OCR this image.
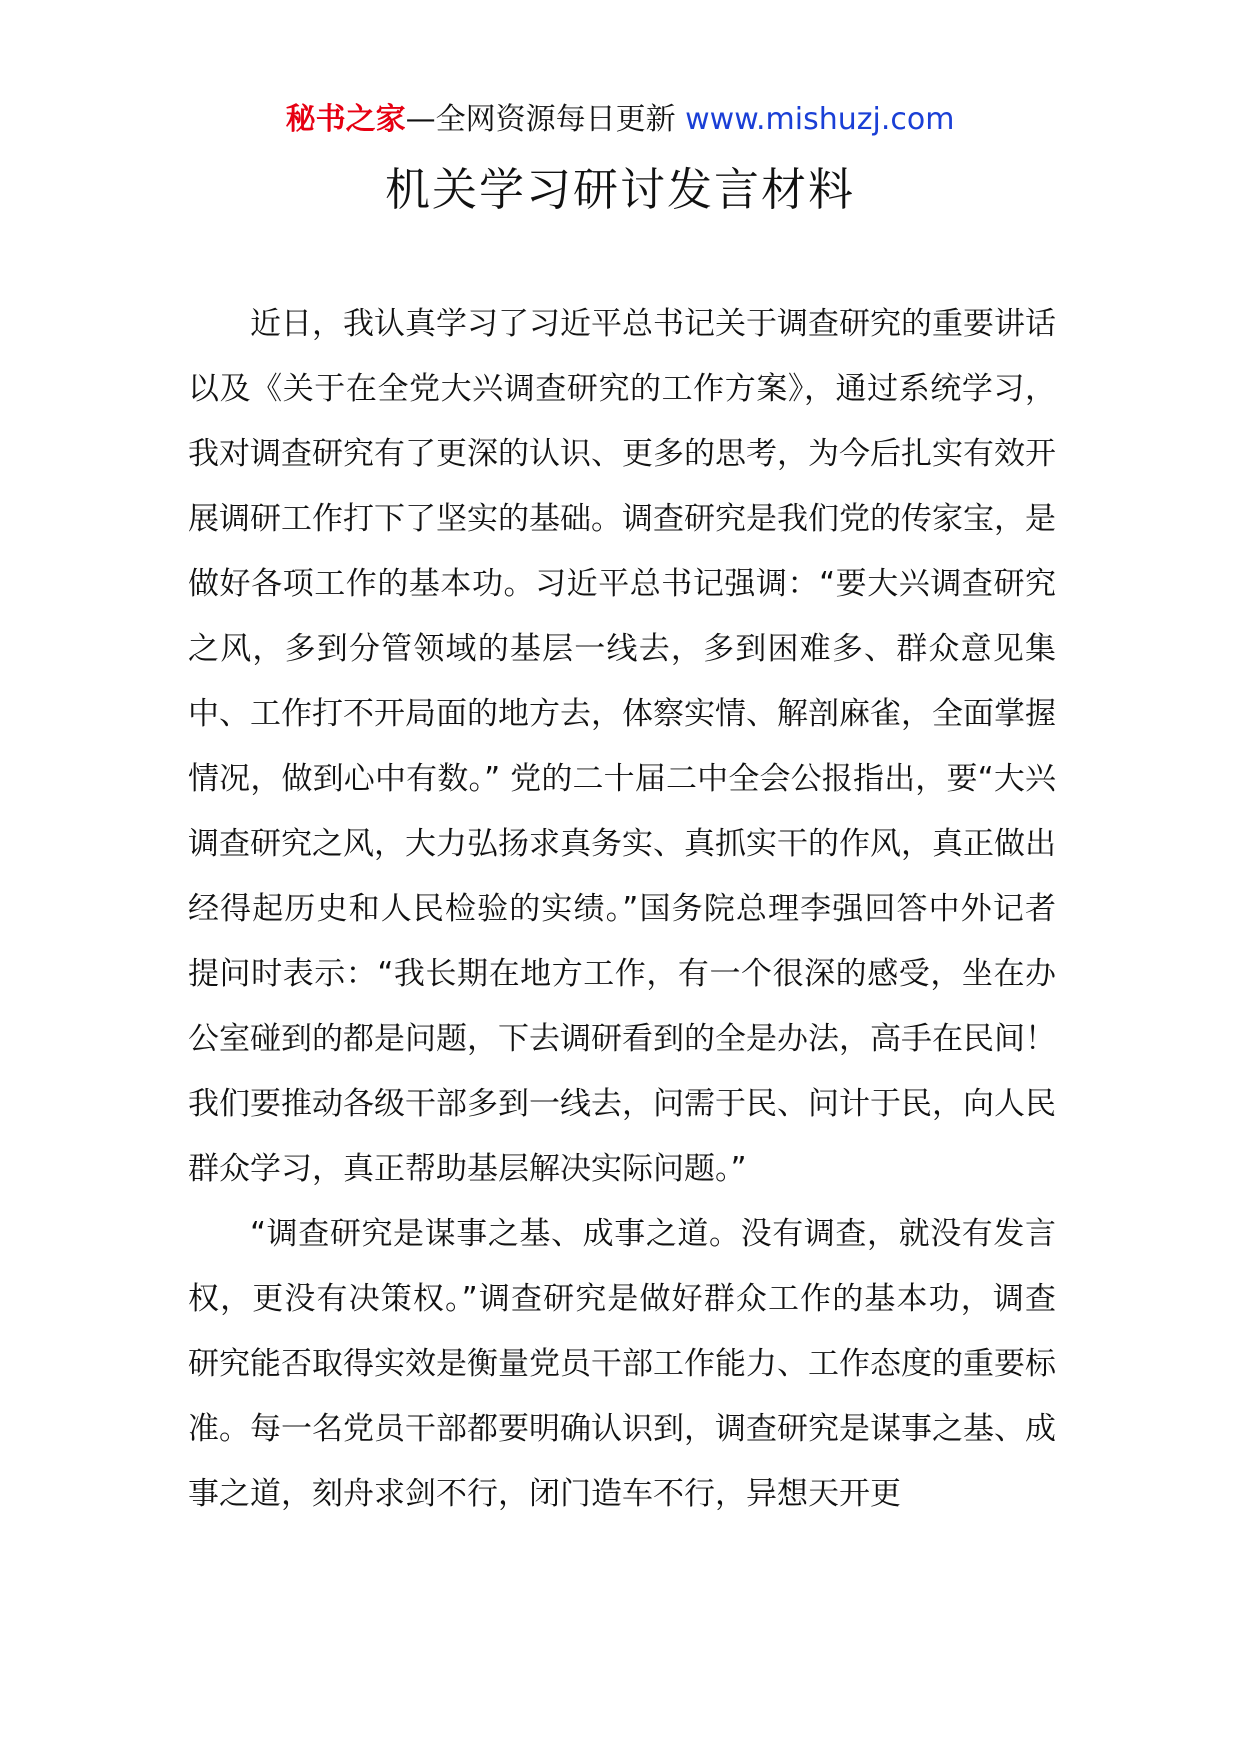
秘书之家—全网资源每日更新 www.mishuzj.com
机关学习研讨发言材料

近日，我认真学习了习近平总书记关于调查研究的重要讲话以及《关于在全党大兴调查研究的工作方案》，通过系统学习，我对调查研究有了更深的认识、更多的思考，为今后扎实有效开展调研工作打下了坚实的基础。调查研究是我们党的传家宝，是做好各项工作的基本功。习近平总书记强调：“要大兴调查研究之风，多到分管领域的基层一线去，多到困难多、群众意见集中、工作打不开局面的地方去，体察实情、解剖麻雀，全面掌握情况，做到心中有数。” 党的二十届二中全会公报指出，要“大兴调查研究之风，大力弘扬求真务实、真抓实干的作风，真正做出经得起历史和人民检验的实绩。”国务院总理李强回答中外记者提问时表示：“我长期在地方工作，有一个很深的感受，坐在办公室碰到的都是问题，下去调研看到的全是办法，高手在民间！我们要推动各级干部多到一线去，问需于民、问计于民，向人民群众学习，真正帮助基层解决实际问题。”

“调查研究是谋事之基、成事之道。没有调查，就没有发言权，更没有决策权。”调查研究是做好群众工作的基本功，调查研究能否取得实效是衡量党员干部工作能力、工作态度的重要标准。每一名党员干部都要明确认识到，调查研究是谋事之基、成事之道，刻舟求剑不行，闭门造车不行，异想天开更
